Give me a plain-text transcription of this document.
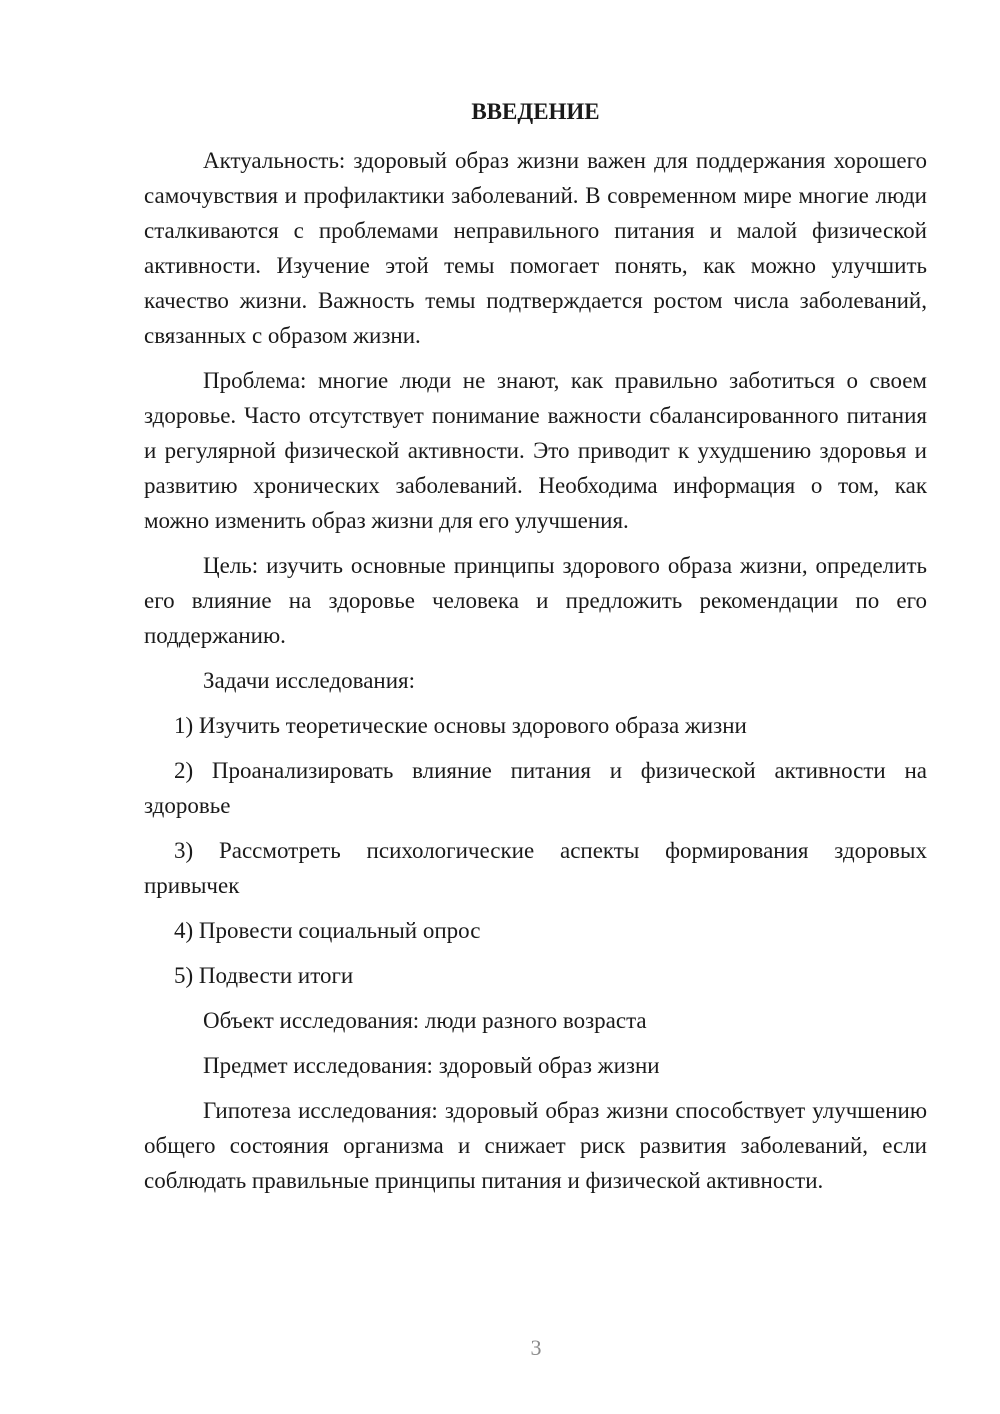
ВВЕДЕНИЕ

Актуальность: здоровый образ жизни важен для поддержания хорошего самочувствия и профилактики заболеваний. В современном мире многие люди сталкиваются с проблемами неправильного питания и малой физической активности. Изучение этой темы помогает понять, как можно улучшить качество жизни. Важность темы подтверждается ростом числа заболеваний, связанных с образом жизни.

Проблема: многие люди не знают, как правильно заботиться о своем здоровье. Часто отсутствует понимание важности сбалансированного питания и регулярной физической активности. Это приводит к ухудшению здоровья и развитию хронических заболеваний. Необходима информация о том, как можно изменить образ жизни для его улучшения.

Цель: изучить основные принципы здорового образа жизни, определить его влияние на здоровье человека и предложить рекомендации по его поддержанию.

Задачи исследования:

1) Изучить теоретические основы здорового образа жизни

2) Проанализировать влияние питания и физической активности на здоровье

3) Рассмотреть психологические аспекты формирования здоровых привычек

4) Провести социальный опрос

5) Подвести итоги

Объект исследования: люди разного возраста

Предмет исследования: здоровый образ жизни

Гипотеза исследования: здоровый образ жизни способствует улучшению общего состояния организма и снижает риск развития заболеваний, если соблюдать правильные принципы питания и физической активности.

3
